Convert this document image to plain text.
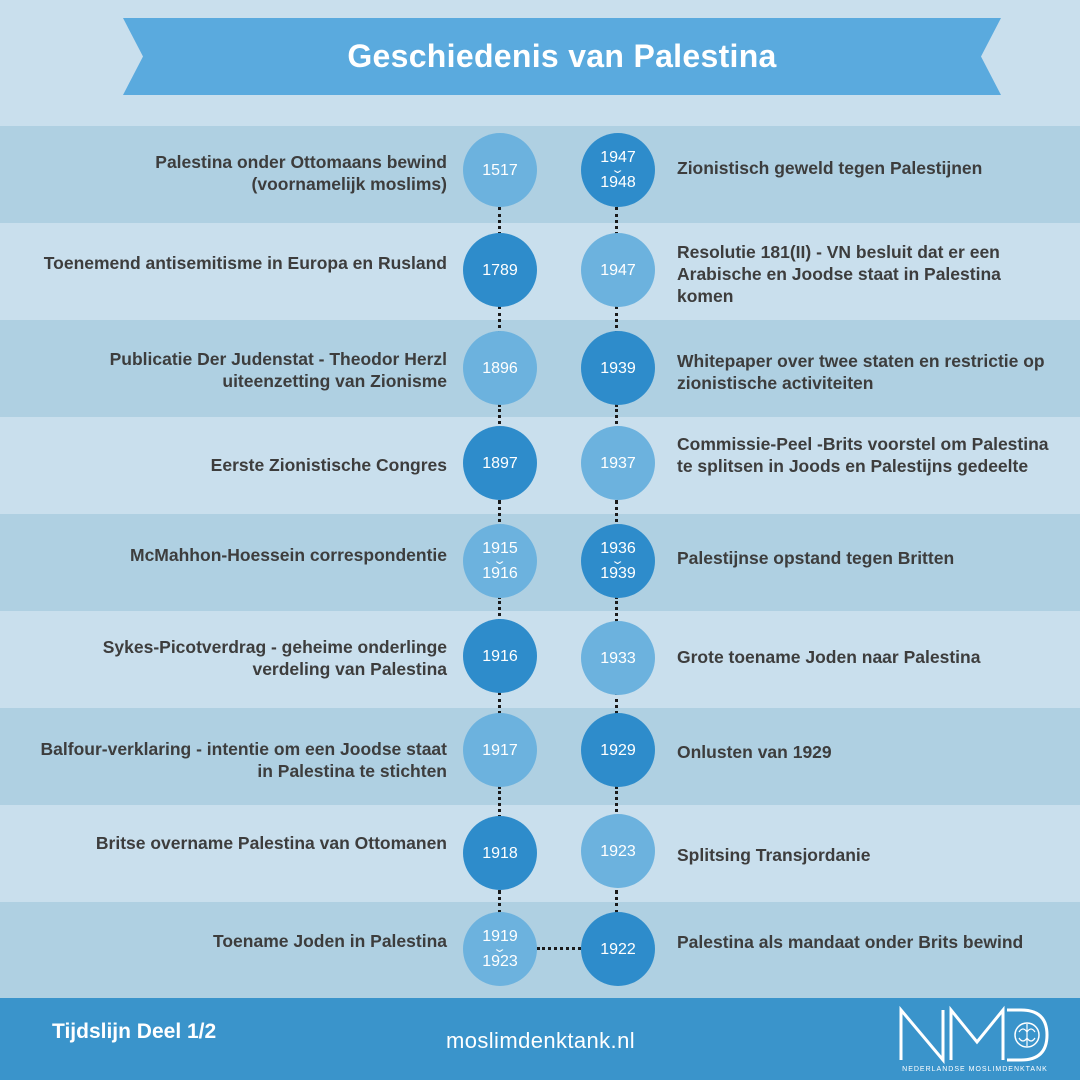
Geschiedenis van Palestina
Palestina onder Ottomaans bewind (voornamelijk moslims)
Toenemend antisemitisme in Europa en Rusland
Publicatie Der Judenstat - Theodor Herzl uiteenzetting van Zionisme
Eerste Zionistische Congres
McMahhon-Hoessein correspondentie
Sykes-Picotverdrag - geheime onderlinge verdeling van Palestina
Balfour-verklaring - intentie om een Joodse staat in Palestina te stichten
Britse overname Palestina van Ottomanen
Toename Joden in Palestina
Zionistisch geweld tegen Palestijnen
Resolutie 181(II) - VN besluit dat er een Arabische en Joodse staat in Palestina komen
Whitepaper over twee staten en restrictie op zionistische activiteiten
Commissie-Peel -Brits voorstel om Palestina te splitsen in Joods en Palestijns gedeelte
Palestijnse opstand tegen Britten
Grote toename Joden naar Palestina
Onlusten van 1929
Splitsing Transjordanie
Palestina als mandaat onder Brits bewind
1517
1789
1896
1897
1915
⌄
1916
1916
1917
1918
1919
⌄
1923
1947
⌄
1948
1947
1939
1937
1936
⌄
1939
1933
1929
1923
1922
Tijdslijn Deel 1/2	moslimdenktank.nl
NEDERLANDSE MOSLIMDENKTANK
